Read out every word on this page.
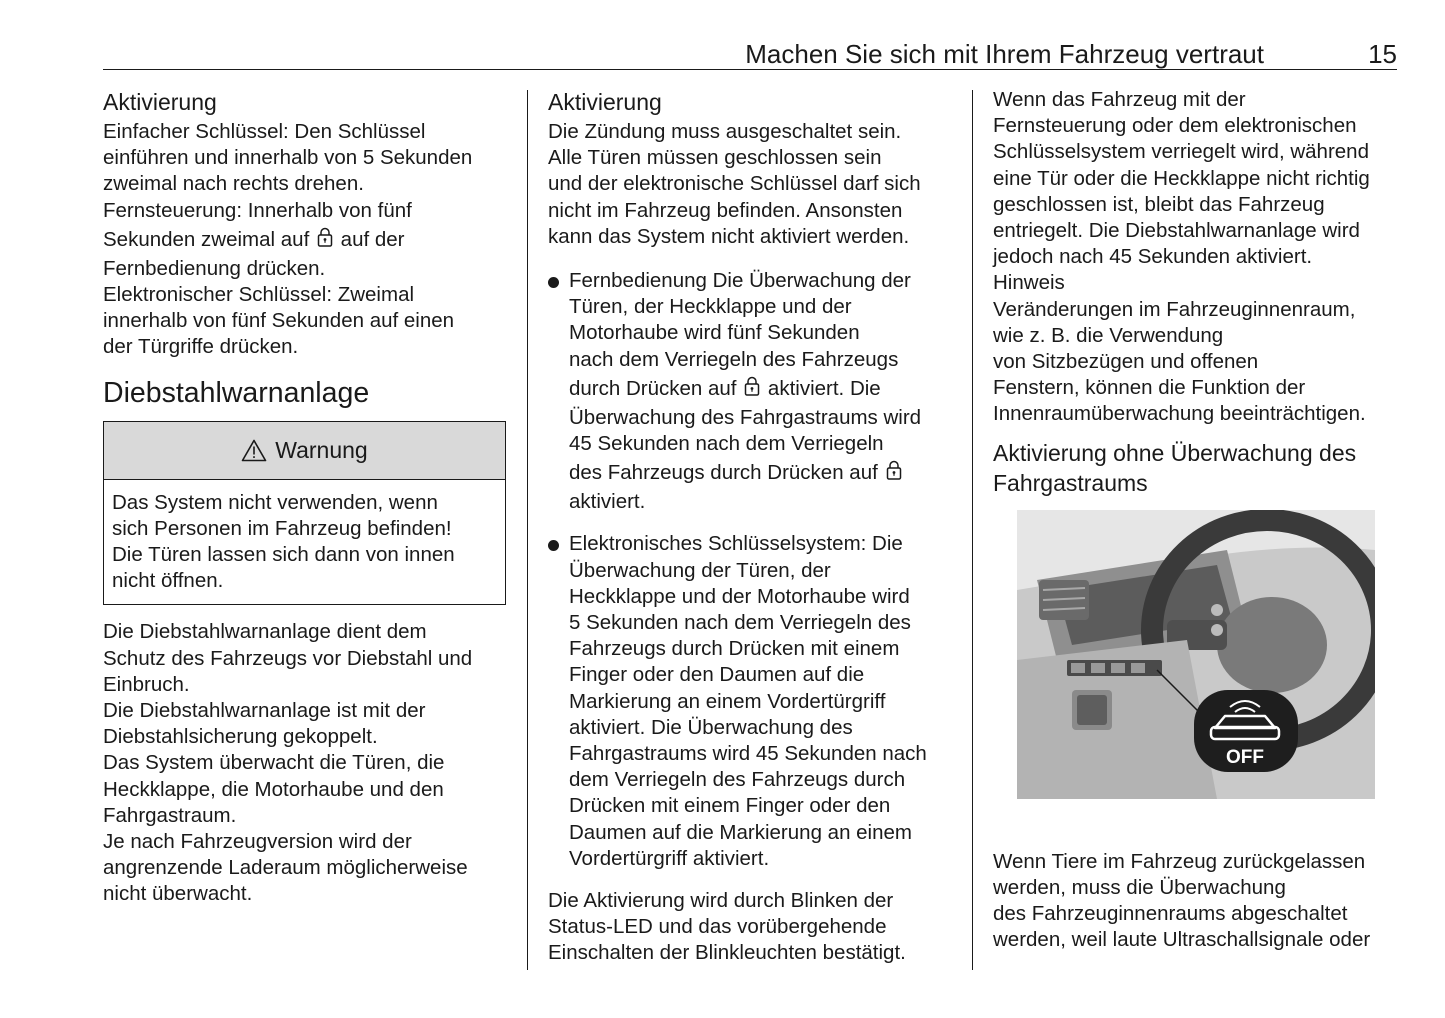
Machen Sie sich mit Ihrem Fahrzeug vertraut	15
Aktivierung
Einfacher Schlüssel: Den Schlüssel
einführen und innerhalb von 5 Sekunden
zweimal nach rechts drehen.
Fernsteuerung: Innerhalb von fünf
Sekunden zweimal auf auf der
Fernbedienung drücken.
Elektronischer Schlüssel: Zweimal
innerhalb von fünf Sekunden auf einen
der Türgriffe drücken.
Diebstahlwarnanlage
Warnung
Das System nicht verwenden, wenn
sich Personen im Fahrzeug befinden!
Die Türen lassen sich dann von innen
nicht öffnen.
Die Diebstahlwarnanlage dient dem
Schutz des Fahrzeugs vor Diebstahl und
Einbruch.
Die Diebstahlwarnanlage ist mit der
Diebstahlsicherung gekoppelt.
Das System überwacht die Türen, die
Heckklappe, die Motorhaube und den
Fahrgastraum.
Je nach Fahrzeugversion wird der
angrenzende Laderaum möglicherweise
nicht überwacht.
Aktivierung
Die Zündung muss ausgeschaltet sein.
Alle Türen müssen geschlossen sein
und der elektronische Schlüssel darf sich
nicht im Fahrzeug befinden. Ansonsten
kann das System nicht aktiviert werden.
Fernbedienung Die Überwachung der
Türen, der Heckklappe und der
Motorhaube wird fünf Sekunden
nach dem Verriegeln des Fahrzeugs
durch Drücken auf aktiviert. Die
Überwachung des Fahrgastraums wird
45 Sekunden nach dem Verriegeln
des Fahrzeugs durch Drücken auf
aktiviert.
Elektronisches Schlüsselsystem: Die
Überwachung der Türen, der
Heckklappe und der Motorhaube wird
5 Sekunden nach dem Verriegeln des
Fahrzeugs durch Drücken mit einem
Finger oder den Daumen auf die
Markierung an einem Vordertürgriff
aktiviert. Die Überwachung des
Fahrgastraums wird 45 Sekunden nach
dem Verriegeln des Fahrzeugs durch
Drücken mit einem Finger oder den
Daumen auf die Markierung an einem
Vordertürgriff aktiviert.
Die Aktivierung wird durch Blinken der
Status-LED und das vorübergehende
Einschalten der Blinkleuchten bestätigt.
Wenn das Fahrzeug mit der
Fernsteuerung oder dem elektronischen
Schlüsselsystem verriegelt wird, während
eine Tür oder die Heckklappe nicht richtig
geschlossen ist, bleibt das Fahrzeug
entriegelt. Die Diebstahlwarnanlage wird
jedoch nach 45 Sekunden aktiviert.
Hinweis
Veränderungen im Fahrzeuginnenraum,
wie z. B. die Verwendung
von Sitzbezügen und offenen
Fenstern, können die Funktion der
Innenraumüberwachung beeinträchtigen.
Aktivierung ohne Überwachung des
Fahrgastraums
OFF
Wenn Tiere im Fahrzeug zurückgelassen
werden, muss die Überwachung
des Fahrzeuginnenraums abgeschaltet
werden, weil laute Ultraschallsignale oder
